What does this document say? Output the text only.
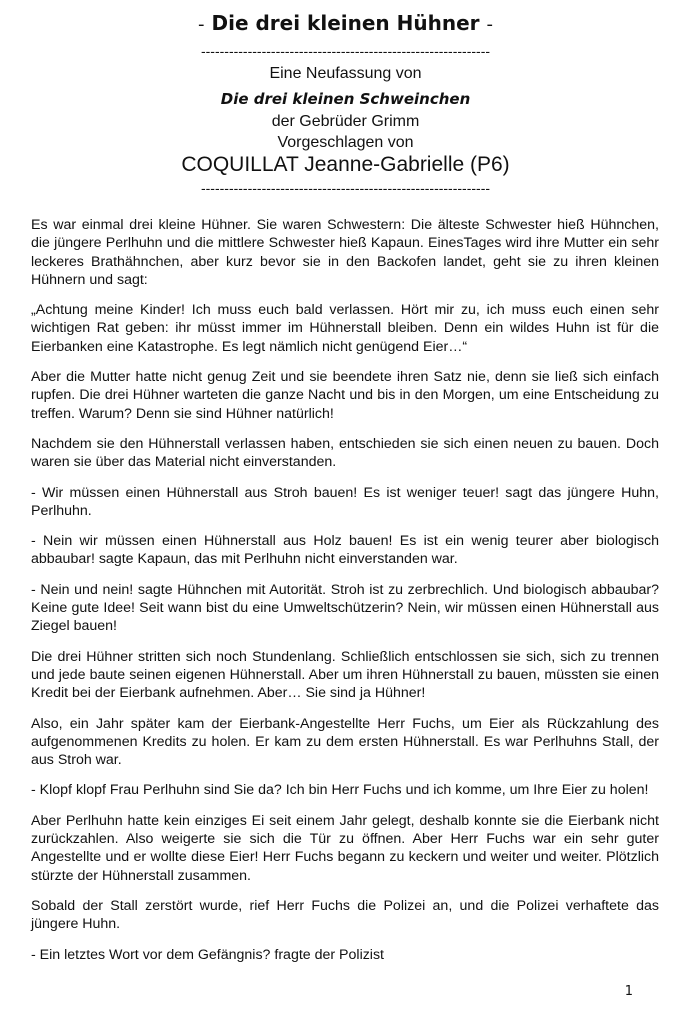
- Die drei kleinen Hühner -
--------------------------------------------------------------
Eine Neufassung von
Die drei kleinen Schweinchen
der Gebrüder Grimm
Vorgeschlagen von
COQUILLAT Jeanne-Gabrielle (P6)
--------------------------------------------------------------

Es war einmal drei kleine Hühner. Sie waren Schwestern: Die älteste Schwester hieß Hühnchen, die jüngere Perlhuhn und die mittlere Schwester hieß Kapaun. EinesTages wird ihre Mutter ein sehr leckeres Brathähnchen, aber kurz bevor sie in den Backofen landet, geht sie zu ihren kleinen Hühnern und sagt:

„Achtung meine Kinder! Ich muss euch bald verlassen. Hört mir zu, ich muss euch einen sehr wichtigen Rat geben: ihr müsst immer im Hühnerstall bleiben. Denn ein wildes Huhn ist für die Eierbanken eine Katastrophe. Es legt nämlich nicht genügend Eier…“

Aber die Mutter hatte nicht genug Zeit und sie beendete ihren Satz nie, denn sie ließ sich einfach rupfen. Die drei Hühner warteten die ganze Nacht und bis in den Morgen, um eine Entscheidung zu treffen. Warum? Denn sie sind Hühner natürlich!

Nachdem sie den Hühnerstall verlassen haben, entschieden sie sich einen neuen zu bauen. Doch waren sie über das Material nicht einverstanden.

- Wir müssen einen Hühnerstall aus Stroh bauen! Es ist weniger teuer! sagt das jüngere Huhn, Perlhuhn.

- Nein wir müssen einen Hühnerstall aus Holz bauen! Es ist ein wenig teurer aber biologisch abbaubar! sagte Kapaun, das mit Perlhuhn nicht einverstanden war.

- Nein und nein! sagte Hühnchen mit Autorität. Stroh ist zu zerbrechlich. Und biologisch abbaubar? Keine gute Idee! Seit wann bist du eine Umweltschützerin? Nein, wir müssen einen Hühnerstall aus Ziegel bauen!

Die drei Hühner stritten sich noch Stundenlang. Schließlich entschlossen sie sich, sich zu trennen und jede baute seinen eigenen Hühnerstall. Aber um ihren Hühnerstall zu bauen, müssten sie einen Kredit bei der Eierbank aufnehmen. Aber… Sie sind ja Hühner!

Also, ein Jahr später kam der Eierbank-Angestellte Herr Fuchs, um Eier als Rückzahlung des aufgenommenen Kredits zu holen. Er kam zu dem ersten Hühnerstall. Es war Perlhuhns Stall, der aus Stroh war.

- Klopf klopf Frau Perlhuhn sind Sie da? Ich bin Herr Fuchs und ich komme, um Ihre Eier zu holen!

Aber Perlhuhn hatte kein einziges Ei seit einem Jahr gelegt, deshalb konnte sie die Eierbank nicht zurückzahlen. Also weigerte sie sich die Tür zu öffnen. Aber Herr Fuchs war ein sehr guter Angestellte und er wollte diese Eier! Herr Fuchs begann zu keckern und weiter und weiter. Plötzlich stürzte der Hühnerstall zusammen.

Sobald der Stall zerstört wurde, rief Herr Fuchs die Polizei an, und die Polizei verhaftete das jüngere Huhn.

- Ein letztes Wort vor dem Gefängnis? fragte der Polizist

1
